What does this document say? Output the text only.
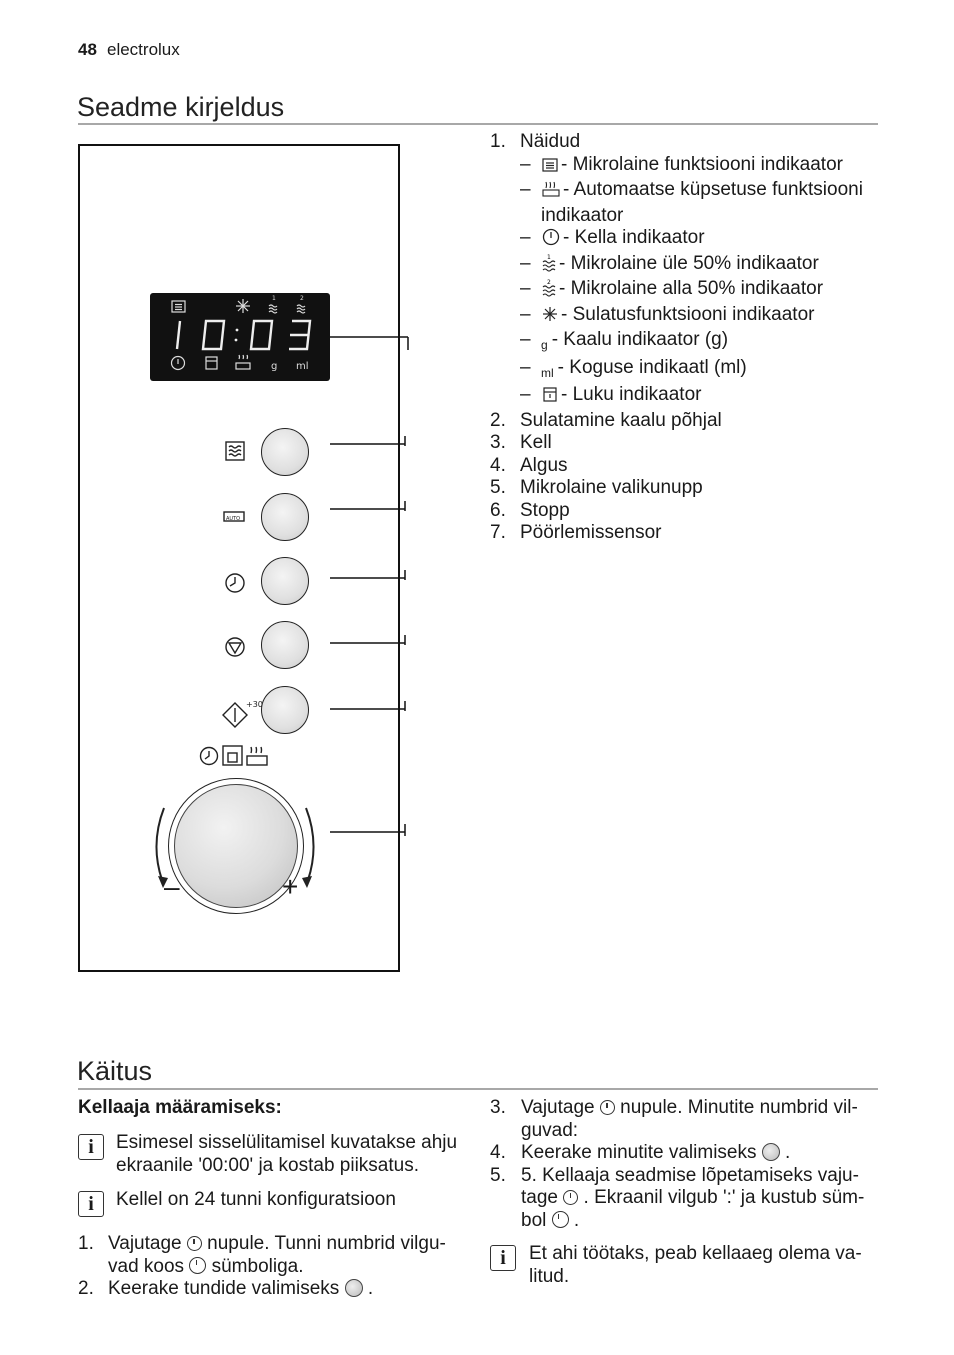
48 electrolux
Seadme kirjeldus
1	2
g ml
AUTO
+30
–	+
1. Näidud
–	- Mikrolaine funktsiooni indikaator
–	- Automaatse küpsetuse funktsiooni
indikaator
–	- Kella indikaator
–	1 - Mikrolaine üle 50% indikaator
–	2 - Mikrolaine alla 50% indikaator
–	- Sulatusfunktsiooni indikaator
– g - Kaalu indikaator (g)
– ml - Koguse indikaatl (ml)
–	- Luku indikaator
2. Sulatamine kaalu põhjal
3. Kell
4. Algus
5. Mikrolaine valikunupp
6. Stopp
7. Pöörlemissensor
Käitus
Kellaaja määramiseks:
i	Esimesel sisselülitamisel kuvatakse ahju ekraanile '00:00' ja kostab piiksatus.
i	Kellel on 24 tunni konfiguratsioon
1. Vajutage nupule. Tunni numbrid vilgu-
vad koos sümboliga.
2. Keerake tundide valimiseks .
3. Vajutage nupule. Minutite numbrid vil-
guvad:
4. Keerake minutite valimiseks .
5. 5. Kellaaja seadmise lõpetamiseks vaju-
tage . Ekraanil vilgub ':' ja kustub süm-
bol .
i	Et ahi töötaks, peab kellaaeg olema va- litud.
